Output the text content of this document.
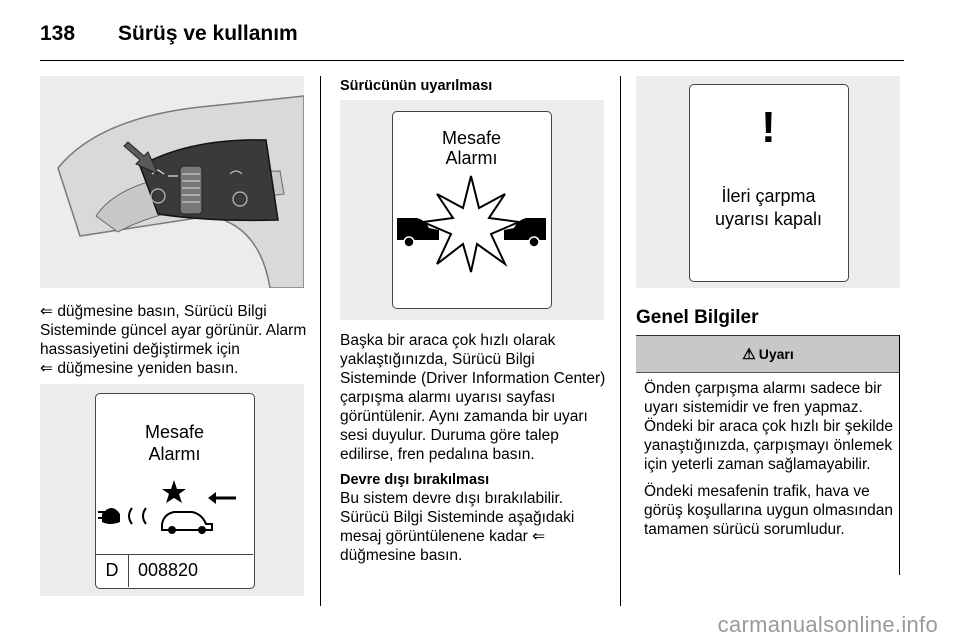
138 Sürüş ve kullanım
⇐ düğmesine basın, Sürücü Bilgi Sisteminde güncel ayar görünür. Alarm hassasiyetini değiştirmek için
⇐ düğmesine yeniden basın.
Mesafe
Alarmı
D	008820
Sürücünün uyarılması
Mesafe
Alarmı
Başka bir araca çok hızlı olarak yaklaştığınızda, Sürücü Bilgi Sisteminde (Driver Information Center) çarpışma alarmı uyarısı sayfası görüntülenir. Aynı zamanda bir uyarı sesi duyulur. Duruma göre talep edilirse, fren pedalına basın.
Devre dışı bırakılması
Bu sistem devre dışı bırakılabilir. Sürücü Bilgi Sisteminde aşağıdaki mesaj görüntülenene kadar ⇐ düğmesine basın.
!
İleri çarpma
uyarısı kapalı
Genel Bilgiler
⚠ Uyarı

Önden çarpışma alarmı sadece bir uyarı sistemidir ve fren yapmaz. Öndeki bir araca çok hızlı bir şekilde yanaştığınızda, çarpışmayı önlemek için yeterli zaman sağlamayabilir.

Öndeki mesafenin trafik, hava ve görüş koşullarına uygun olmasından tamamen sürücü sorumludur.

carmanualsonline.info
